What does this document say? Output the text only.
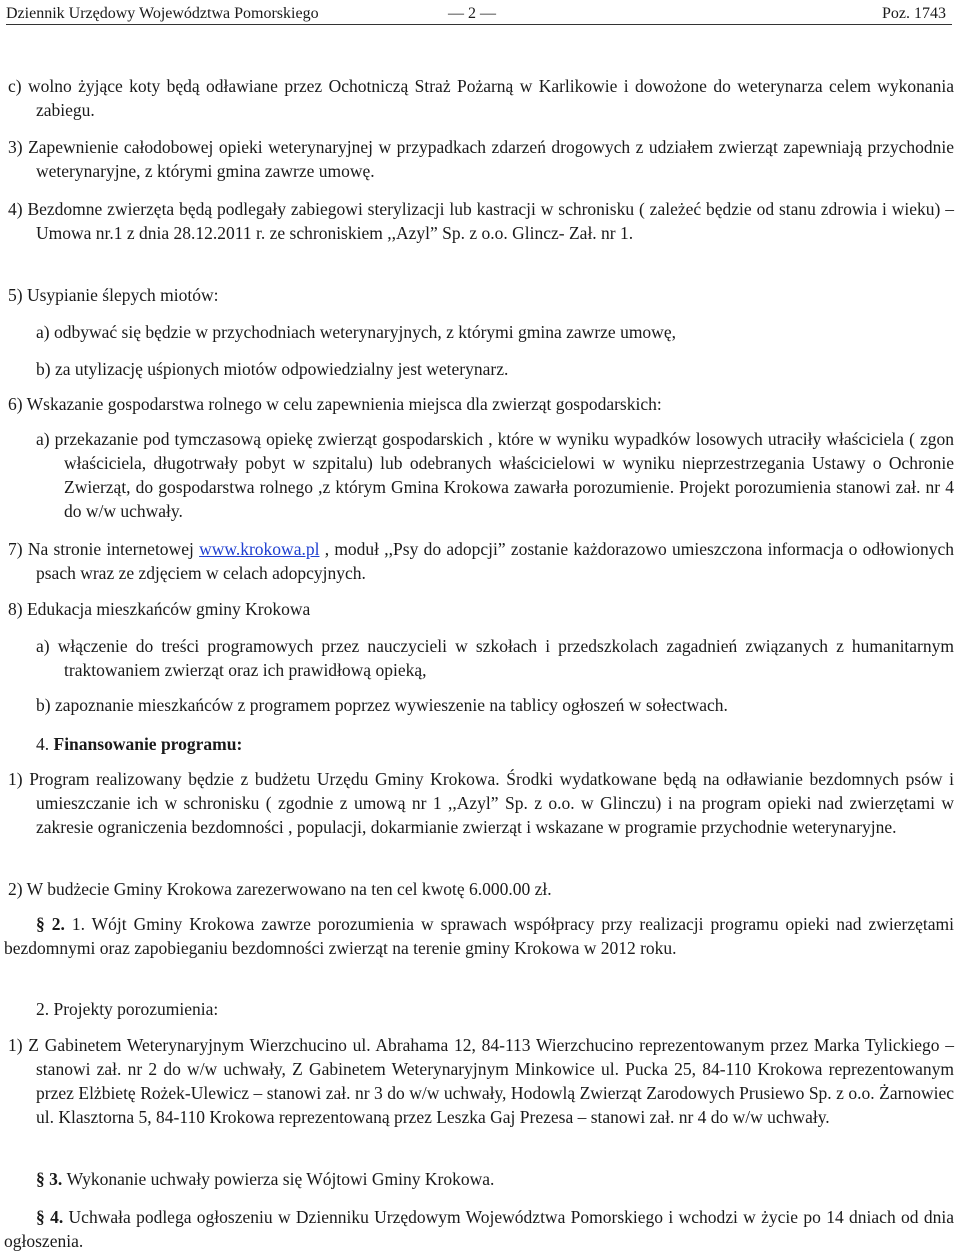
Dziennik Urzędowy Województwa Pomorskiego	— 2 —	Poz. 1743

c) wolno żyjące koty będą odławiane przez Ochotniczą Straż Pożarną w Karlikowie i dowożone do weterynarza celem wykonania zabiegu.

3) Zapewnienie całodobowej opieki weterynaryjnej w przypadkach zdarzeń drogowych z udziałem zwierząt zapewniają przychodnie weterynaryjne, z którymi gmina zawrze umowę.

4) Bezdomne zwierzęta będą podlegały zabiegowi sterylizacji lub kastracji w schronisku ( zależeć będzie od stanu zdrowia i wieku) – Umowa nr.1 z dnia 28.12.2011 r. ze schroniskiem ,,Azyl” Sp. z o.o. Glincz- Zał. nr 1.

5) Usypianie ślepych miotów:

a) odbywać się będzie w przychodniach weterynaryjnych, z którymi gmina zawrze umowę,

b) za utylizację uśpionych miotów odpowiedzialny jest weterynarz.

6) Wskazanie gospodarstwa rolnego w celu zapewnienia miejsca dla zwierząt gospodarskich:

a) przekazanie pod tymczasową opiekę zwierząt gospodarskich , które w wyniku wypadków losowych utraciły właściciela ( zgon właściciela, długotrwały pobyt w szpitalu) lub odebranych właścicielowi w wyniku nieprzestrzegania Ustawy o Ochronie Zwierząt, do gospodarstwa rolnego ,z którym Gmina Krokowa zawarła porozumienie. Projekt porozumienia stanowi zał. nr 4 do w/w uchwały.

7) Na stronie internetowej www.krokowa.pl , moduł ,,Psy do adopcji” zostanie każdorazowo umieszczona informacja o odłowionych psach wraz ze zdjęciem w celach adopcyjnych.

8) Edukacja mieszkańców gminy Krokowa

a) włączenie do treści programowych przez nauczycieli w szkołach i przedszkolach zagadnień związanych z humanitarnym traktowaniem zwierząt oraz ich prawidłową opieką,

b) zapoznanie mieszkańców z programem poprzez wywieszenie na tablicy ogłoszeń w sołectwach.

4. Finansowanie programu:

1) Program realizowany będzie z budżetu Urzędu Gminy Krokowa. Środki wydatkowane będą na odławianie bezdomnych psów i umieszczanie ich w schronisku ( zgodnie z umową nr 1 ,,Azyl” Sp. z o.o. w Glinczu) i na program opieki nad zwierzętami w zakresie ograniczenia bezdomności , populacji, dokarmianie zwierząt i wskazane w programie przychodnie weterynaryjne.

2) W budżecie Gminy Krokowa zarezerwowano na ten cel kwotę 6.000.00 zł.

§ 2. 1. Wójt Gminy Krokowa zawrze porozumienia w sprawach współpracy przy realizacji programu opieki nad zwierzętami bezdomnymi oraz zapobieganiu bezdomności zwierząt na terenie gminy Krokowa w 2012 roku.

2. Projekty porozumienia:

1) Z Gabinetem Weterynaryjnym Wierzchucino ul. Abrahama 12, 84-113 Wierzchucino reprezentowanym przez Marka Tylickiego – stanowi zał. nr 2 do w/w uchwały, Z Gabinetem Weterynaryjnym Minkowice ul. Pucka 25, 84-110 Krokowa reprezentowanym przez Elżbietę Rożek-Ulewicz – stanowi zał. nr 3 do w/w uchwały, Hodowlą Zwierząt Zarodowych Prusiewo Sp. z o.o. Żarnowiec ul. Klasztorna 5, 84-110 Krokowa reprezentowaną przez Leszka Gaj Prezesa – stanowi zał. nr 4 do w/w uchwały.

§ 3. Wykonanie uchwały powierza się Wójtowi Gminy Krokowa.

§ 4. Uchwała podlega ogłoszeniu w Dzienniku Urzędowym Województwa Pomorskiego i wchodzi w życie po 14 dniach od dnia ogłoszenia.
